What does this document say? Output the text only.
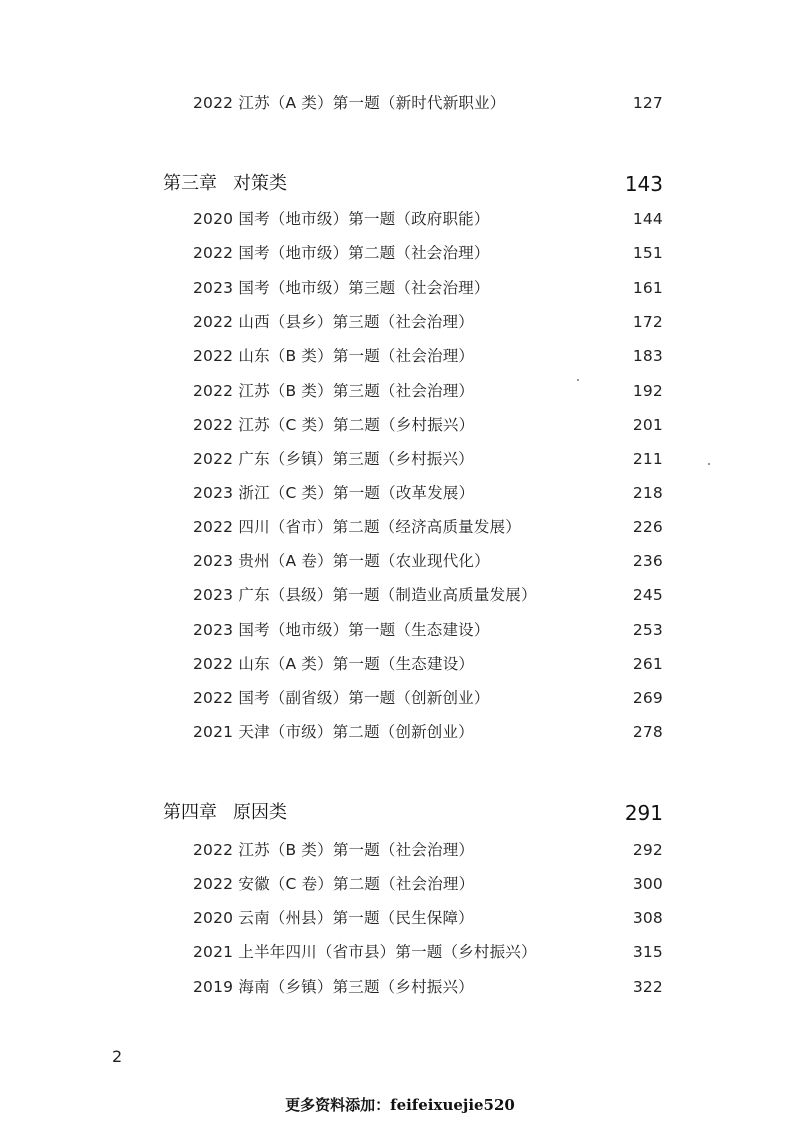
2022 江苏（A 类）第一题（新时代新职业）	127
第三章 对策类	143
2020 国考（地市级）第一题（政府职能）	144
2022 国考（地市级）第二题（社会治理）	151
2023 国考（地市级）第三题（社会治理）	161
2022 山西（县乡）第三题（社会治理）	172
2022 山东（B 类）第一题（社会治理）	183
2022 江苏（B 类）第三题（社会治理）	192
2022 江苏（C 类）第二题（乡村振兴）	201
2022 广东（乡镇）第三题（乡村振兴）	211
2023 浙江（C 类）第一题（改革发展）	218
2022 四川（省市）第二题（经济高质量发展）	226
2023 贵州（A 卷）第一题（农业现代化）	236
2023 广东（县级）第一题（制造业高质量发展）	245
2023 国考（地市级）第一题（生态建设）	253
2022 山东（A 类）第一题（生态建设）	261
2022 国考（副省级）第一题（创新创业）	269
2021 天津（市级）第二题（创新创业）	278
第四章 原因类	291
2022 江苏（B 类）第一题（社会治理）	292
2022 安徽（C 卷）第二题（社会治理）	300
2020 云南（州县）第一题（民生保障）	308
2021 上半年四川（省市县）第一题（乡村振兴）	315
2019 海南（乡镇）第三题（乡村振兴）	322
2
更多资料添加：feifeixuejie520
